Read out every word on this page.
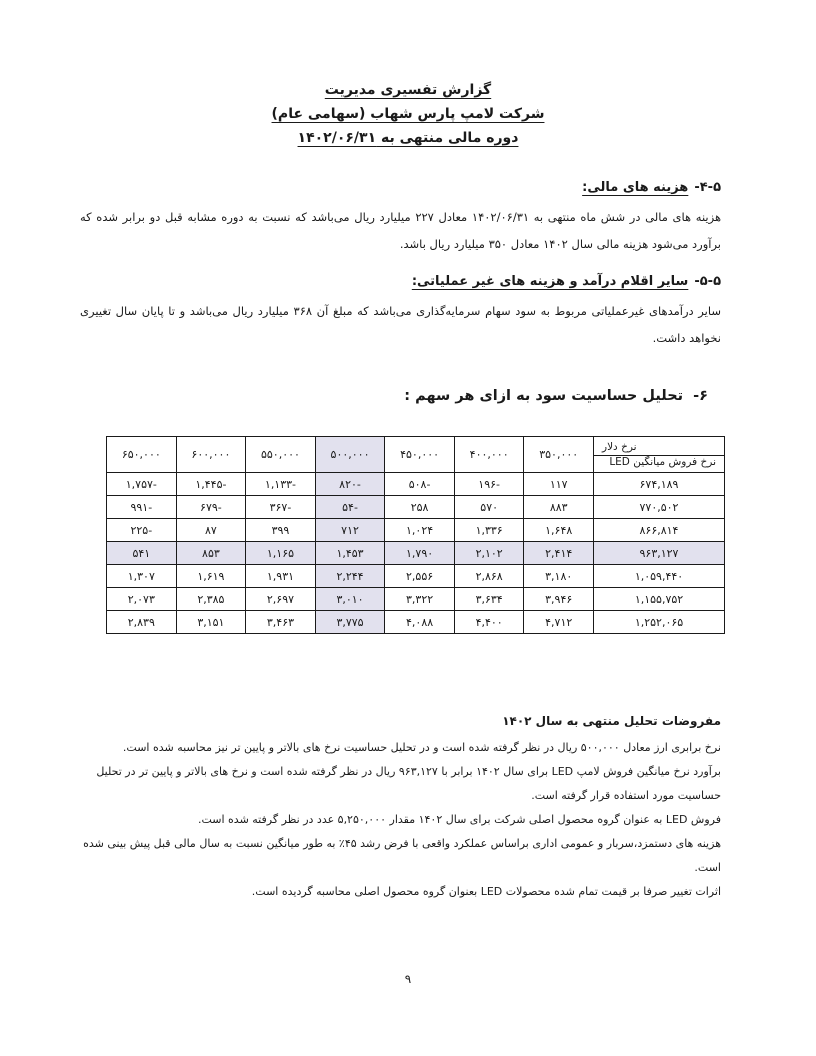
گزارش تفسیری مدیریت
شرکت لامپ پارس شهاب (سهامی عام)
دوره مالی منتهی به ۱۴۰۲/۰۶/۳۱
۴-۵-هزینه های مالی:
هزینه های مالی در شش ماه منتهی به ۱۴۰۲/۰۶/۳۱ معادل ۲۲۷ میلیارد ریال می‌باشد که نسبت به دوره مشابه قبل دو برابر شده که برآورد می‌شود هزینه مالی سال ۱۴۰۲ معادل ۳۵۰ میلیارد ریال باشد.
۵-۵-سایر اقلام درآمد و هزینه های غیر عملیاتی:
سایر درآمدهای غیرعملیاتی مربوط به سود سهام سرمایه‌گذاری می‌باشد که مبلغ آن ۳۶۸ میلیارد ریال می‌باشد و تا پایان سال تغییری نخواهد داشت.
۶-تحلیل حساسیت سود به ازای هر سهم :
نرخ دلار
نرخ فروش میانگین LED	۳۵۰,۰۰۰	۴۰۰,۰۰۰	۴۵۰,۰۰۰	۵۰۰,۰۰۰	۵۵۰,۰۰۰	۶۰۰,۰۰۰	۶۵۰,۰۰۰

۶۷۴,۱۸۹	۱۱۷	-۱۹۶	-۵۰۸	-۸۲۰	-۱,۱۳۳	-۱,۴۴۵	-۱,۷۵۷
۷۷۰,۵۰۲	۸۸۳	۵۷۰	۲۵۸	-۵۴	-۳۶۷	-۶۷۹	-۹۹۱
۸۶۶,۸۱۴	۱,۶۴۸	۱,۳۳۶	۱,۰۲۴	۷۱۲	۳۹۹	۸۷	-۲۲۵
۹۶۳,۱۲۷	۲,۴۱۴	۲,۱۰۲	۱,۷۹۰	۱,۴۵۳	۱,۱۶۵	۸۵۳	۵۴۱
۱,۰۵۹,۴۴۰	۳,۱۸۰	۲,۸۶۸	۲,۵۵۶	۲,۲۴۴	۱,۹۳۱	۱,۶۱۹	۱,۳۰۷
۱,۱۵۵,۷۵۲	۳,۹۴۶	۳,۶۳۴	۳,۳۲۲	۳,۰۱۰	۲,۶۹۷	۲,۳۸۵	۲,۰۷۳
۱,۲۵۲,۰۶۵	۴,۷۱۲	۴,۴۰۰	۴,۰۸۸	۳,۷۷۵	۳,۴۶۳	۳,۱۵۱	۲,۸۳۹
مفروضات تحلیل منتهی به سال ۱۴۰۲

نرخ برابری ارز معادل ۵۰۰,۰۰۰ ریال در نظر گرفته شده است و در تحلیل حساسیت نرخ های بالاتر و پایین تر نیز محاسبه شده است.

برآورد نرخ میانگین فروش لامپ LED برای سال ۱۴۰۲ برابر با ۹۶۳,۱۲۷ ریال در نظر گرفته شده است و نرخ های بالاتر و پایین تر در تحلیل حساسیت مورد استفاده قرار گرفته است.

فروش LED به عنوان گروه محصول اصلی شرکت برای سال ۱۴۰۲ مقدار ۵,۲۵۰,۰۰۰ عدد در نظر گرفته شده است.

هزینه های دستمزد،سربار و عمومی اداری براساس عملکرد واقعی با فرض رشد ۴۵٪ به طور میانگین نسبت به سال مالی قبل پیش بینی شده است.

اثرات تغییر صرفا بر قیمت تمام شده محصولات LED بعنوان گروه محصول اصلی محاسبه گردیده است.

۹
